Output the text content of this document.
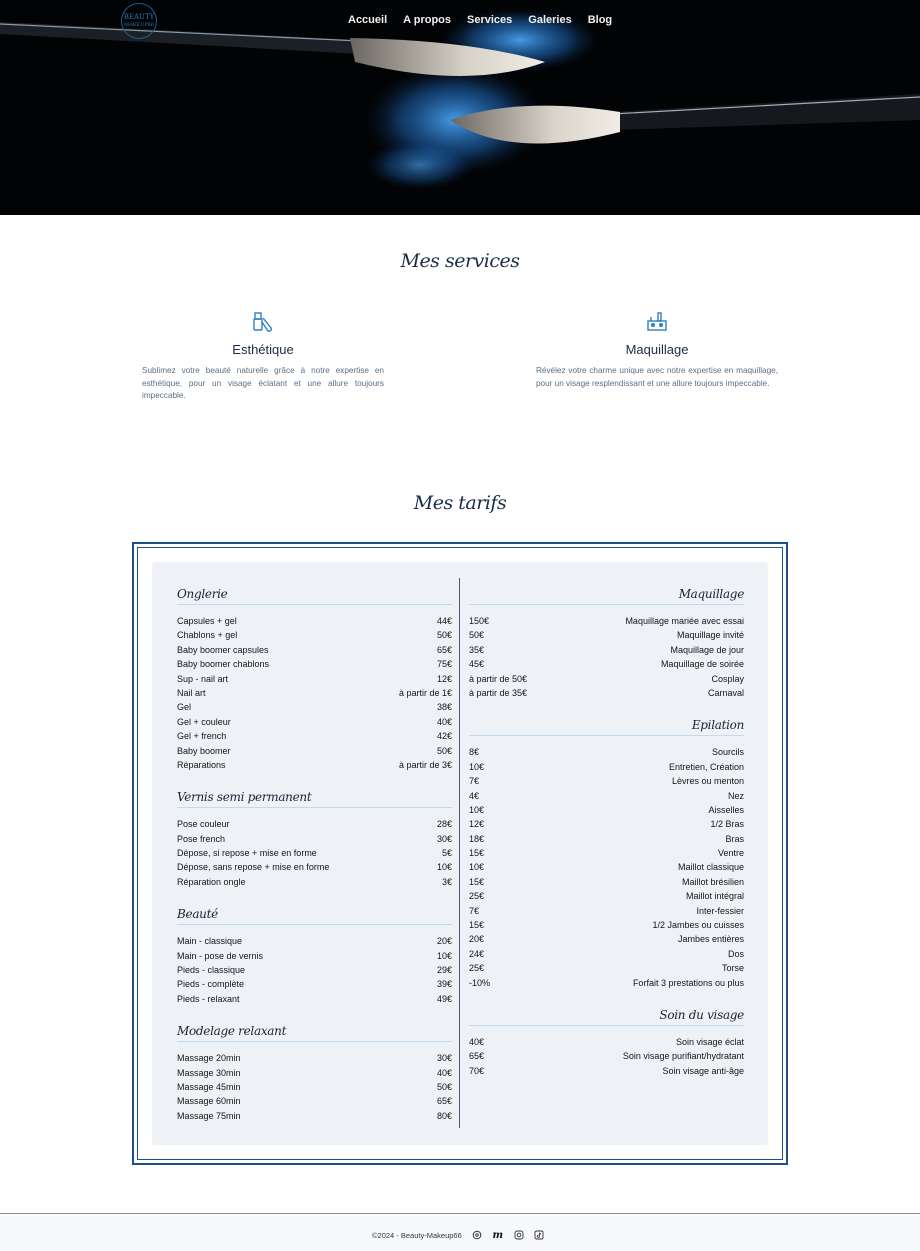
BEAUTY
MAKEUP66	Accueil A propos Services Galeries Blog
Mes services
Esthétique

Sublimez votre beauté naturelle grâce à notre expertise en esthétique, pour un visage éclatant et une allure toujours impeccable.

Maquillage

Révélez votre charme unique avec notre expertise en maquillage, pour un visage resplendissant et une allure toujours impeccable.

Mes tarifs
Onglerie
Capsules + gel	44€
Chablons + gel	50€
Baby boomer capsules	65€
Baby boomer chablons	75€
Sup - nail art	12€
Nail art	à partir de 1€
Gel	38€
Gel + couleur	40€
Gel + french	42€
Baby boomer	50€
Réparations	à partir de 3€
Vernis semi permanent
Pose couleur	28€
Pose french	30€
Dépose, si repose + mise en forme	5€
Dépose, sans repose + mise en forme	10€
Réparation ongle	3€
Beauté
Main - classique	20€
Main - pose de vernis	10€
Pieds - classique	29€
Pieds - complète	39€
Pieds - relaxant	49€
Modelage relaxant
Massage 20min	30€
Massage 30min	40€
Massage 45min	50€
Massage 60min	65€
Massage 75min	80€
Maquillage
150€	Maquillage mariée avec essai
50€	Maquillage invité
35€	Maquillage de jour
45€	Maquillage de soirée
à partir de 50€	Cosplay
à partir de 35€	Carnaval
Epilation
8€	Sourcils
10€	Entretien, Création
7€	Lèvres ou menton
4€	Nez
10€	Aisselles
12€	1/2 Bras
18€	Bras
15€	Ventre
10€	Maillot classique
15€	Maillot brésilien
25€	Maillot intégral
7€	Inter-fessier
15€	1/2 Jambes ou cuisses
20€	Jambes entières
24€	Dos
25€	Torse
-10%	Forfait 3 prestations ou plus
Soin du visage
40€	Soin visage éclat
65€	Soin visage purifiant/hydratant
70€	Soin visage anti-âge
©2024 - Beauty-Makeup66	m
